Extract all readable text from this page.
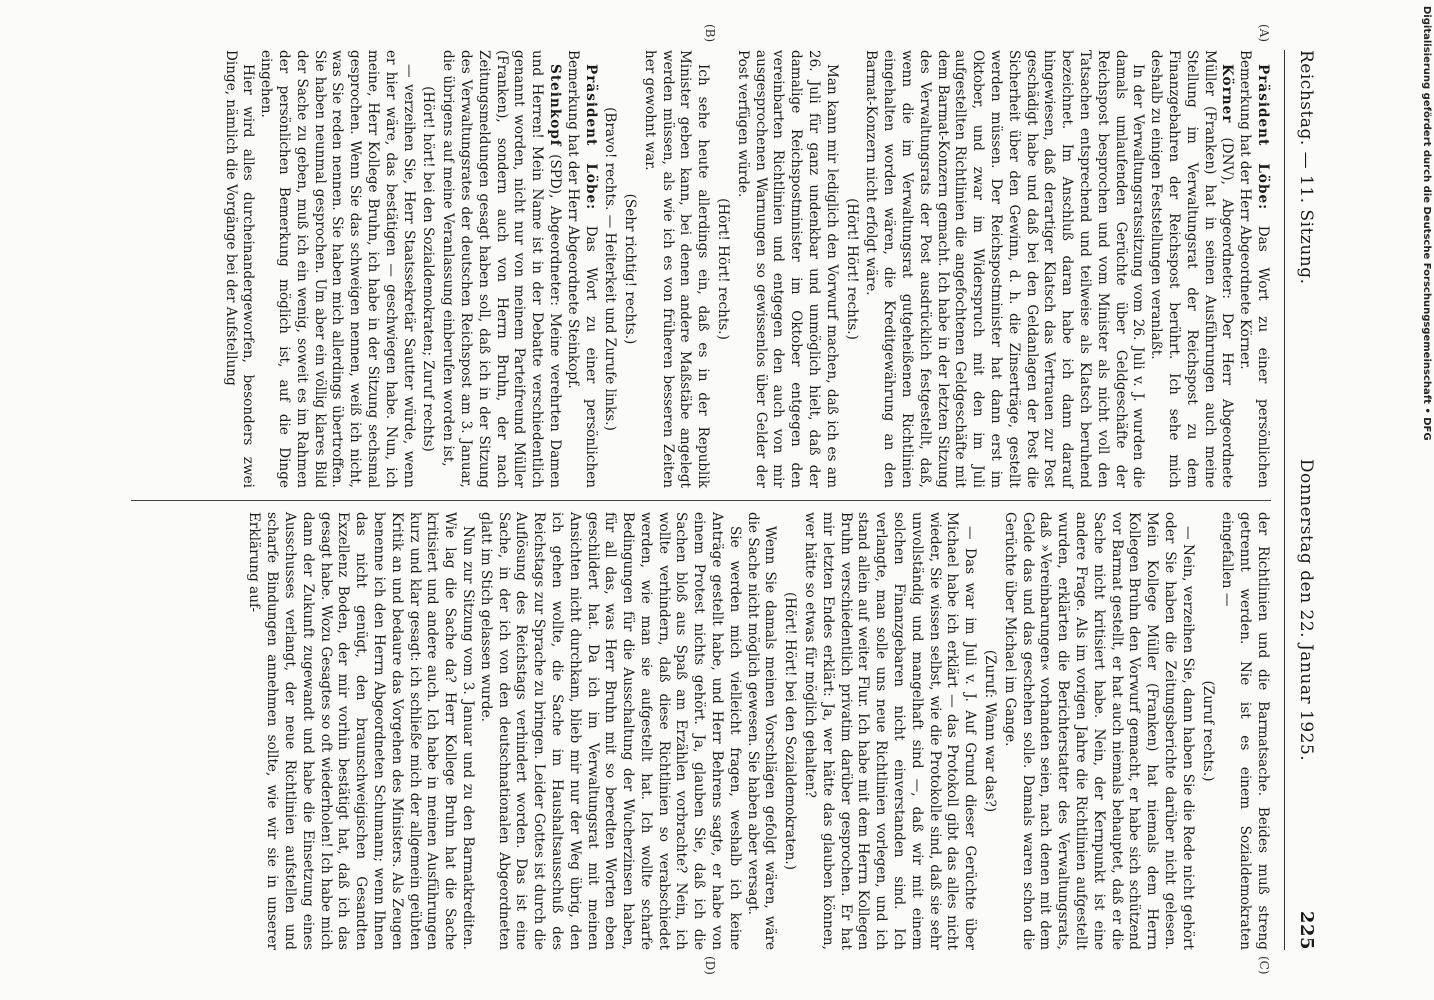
Reichstag. — 11. Sitzung.
Donnerstag den 22. Januar 1925.
225
(A)
(B)
(C)
(D)

Präsident Löbe: Das Wort zu einer persönlichen Bemerkung hat der Herr Abgeordnete Körner.

Körner (DNV), Abgeordneter: Der Herr Abgeordnete Müller (Franken) hat in seinen Ausführungen auch meine Stellung im Verwaltungsrat der Reichspost zu dem Finanzgebahren der Reichspost berührt. Ich sehe mich deshalb zu einigen Feststellungen veranlaßt.

In der Verwaltungsratssitzung vom 26. Juli v. J. wurden die damals umlaufenden Gerüchte über Geldgeschäfte der Reichspost besprochen und vom Minister als nicht voll den Tatsachen entsprechend und teilweise als Klatsch beruhend bezeichnet. Im Anschluß daran habe ich dann darauf hingewiesen, daß derartiger Klatsch das Vertrauen zur Post geschädigt habe und daß bei den Geldanlagen der Post die Sicherheit über den Gewinn, d. h. die Zinserträge, gestellt werden müssen. Der Reichspostminister hat dann erst im Oktober, und zwar im Widerspruch mit den im Juli aufgestellten Richtlinien die angefochtenen Geldgeschäfte mit dem Barmat-Konzern gemacht. Ich habe in der letzten Sitzung des Verwaltungsrats der Post ausdrücklich festgestellt, daß, wenn die im Verwaltungsrat gutgeheißenen Richtlinien eingehalten worden wären, die Kreditgewährung an den Barmat-Konzern nicht erfolgt wäre.

(Hört! Hört! rechts.)

Man kann mir lediglich den Vorwurf machen, daß ich es am 26. Juli für ganz undenkbar und unmöglich hielt, daß der damalige Reichspostminister im Oktober entgegen den vereinbarten Richtlinien und entgegen den auch von mir ausgesprochenen Warnungen so gewissenlos über Gelder der Post verfügen würde.

(Hört! Hört! rechts.)

Ich sehe heute allerdings ein, daß es in der Republik Minister geben kann, bei denen andere Maßstäbe angelegt werden müssen, als wie ich es von früheren besseren Zeiten her gewohnt war.

(Sehr richtig! rechts.)

(Bravo! rechts. — Heiterkeit und Zurufe links.)

Präsident Löbe: Das Wort zu einer persönlichen Bemerkung hat der Herr Abgeordnete Steinkopf.

Steinkopf (SPD), Abgeordneter: Meine verehrten Damen und Herren! Mein Name ist in der Debatte verschiedentlich genannt worden, nicht nur von meinem Parteifreund Müller (Franken), sondern auch von Herrn Bruhn, der nach Zeitungsmeldungen gesagt haben soll, daß ich in der Sitzung des Verwaltungsrates der deutschen Reichspost am 3. Januar, die übrigens auf meine Veranlassung einberufen worden ist,

(Hört! hört! bei den Sozialdemokraten; Zuruf rechts)

— verzeihen Sie, Herr Staatssekretär Sautter würde, wenn er hier wäre, das bestätigen — geschwiegen habe. Nun, ich meine, Herr Kollege Bruhn, ich habe in der Sitzung sechsmal gesprochen. Wenn Sie das schweigen nennen, weiß ich nicht, was Sie reden nennen. Sie haben mich allerdings übertroffen. Sie haben neunmal gesprochen. Um aber ein völlig klares Bild der Sache zu geben, muß ich ein wenig, soweit es im Rahmen der persönlichen Bemerkung möglich ist, auf die Dinge eingehen.

Hier wird alles durcheinandergeworfen, besonders zwei Dinge, nämlich die Vorgänge bei der Aufstellung

der Richtlinien und die Barmatsache. Beides muß streng getrennt werden. Nie ist es einem Sozialdemokraten eingefallen —

(Zuruf rechts.)

— Nein, verzeihen Sie, dann haben Sie die Rede nicht gehört oder Sie haben die Zeitungsberichte darüber nicht gelesen. Mein Kollege Müller (Franken) hat niemals dem Herrn Kollegen Bruhn den Vorwurf gemacht, er habe sich schützend vor Barmat gestellt, er hat auch niemals behauptet, daß er die Sache nicht kritisiert habe. Nein, der Kernpunkt ist eine andere Frage. Als im vorigen Jahre die Richtlinien aufgestellt wurden, erklärten die Berichterstatter des Verwaltungsrats, daß »Vereinbarungen« vorhanden seien, nach denen mit dem Gelde das und das geschehen solle. Damals waren schon die Gerüchte über Michael im Gange.

(Zuruf: Wann war das?)

— Das war im Juli v. J. Auf Grund dieser Gerüchte über Michael habe ich erklärt — das Protokoll gibt das alles nicht wieder, Sie wissen selbst, wie die Protokolle sind, daß sie sehr unvollständig und mangelhaft sind —, daß wir mit einem solchen Finanzgebaren nicht einverstanden sind. Ich verlangte, man solle uns neue Richtlinien vorlegen, und ich stand allein auf weiter Flur. Ich habe mit dem Herrn Kollegen Bruhn verschiedentlich privatim darüber gesprochen. Er hat mir letzten Endes erklärt: Ja, wer hätte das glauben können, wer hätte so etwas für möglich gehalten?

(Hört! Hört! bei den Sozialdemokraten.)

Wenn Sie damals meinen Vorschlägen gefolgt wären, wäre die Sache nicht möglich gewesen. Sie haben aber versagt.

Sie werden mich vielleicht fragen, weshalb ich keine Anträge gestellt habe, und Herr Behrens sagte, er habe von einem Protest nichts gehört. Ja, glauben Sie, daß ich die Sachen bloß aus Spaß am Erzählen vorbrachte? Nein, ich wollte verhindern, daß diese Richtlinien so verabschiedet werden, wie man sie aufgestellt hat. Ich wollte scharfe Bedingungen für die Ausschaltung der Wucherzinsen haben, für all das, was Herr Bruhn mit so beredten Worten eben geschildert hat. Da ich im Verwaltungsrat mit meinen Ansichten nicht durchkam, blieb mir nur der Weg übrig, den ich gehen wollte, die Sache im Haushaltsausschuß des Reichstags zur Sprache zu bringen. Leider Gottes ist durch die Auflösung des Reichstags verhindert worden. Das ist eine Sache, in der ich von den deutschnationalen Abgeordneten glatt im Stich gelassen wurde.

Nun zur Sitzung vom 3. Januar und zu den Barmatkrediten. Wie lag die Sache da? Herr Kollege Bruhn hat die Sache kritisiert und andere auch. Ich habe in meinen Ausführungen kurz und klar gesagt: ich schließe mich der allgemein geübten Kritik an und bedaure das Vorgehen des Ministers. Als Zeugen benenne ich den Herrn Abgeordneten Schumann; wenn Ihnen das nicht genügt, den braunschweigischen Gesandten Exzellenz Boden, der mir vorhin bestätigt hat, daß ich das gesagt habe. Wozu Gesagtes so oft wiederholen! Ich habe mich dann der Zukunft zugewandt und habe die Einsetzung eines Ausschusses verlangt, der neue Richtlinien aufstellen und scharfe Bindungen annehmen sollte, wie wir sie in unserer Erklärung auf-

Digitalisierung gefördert durch die Deutsche Forschungsgemeinschaft • DFG
